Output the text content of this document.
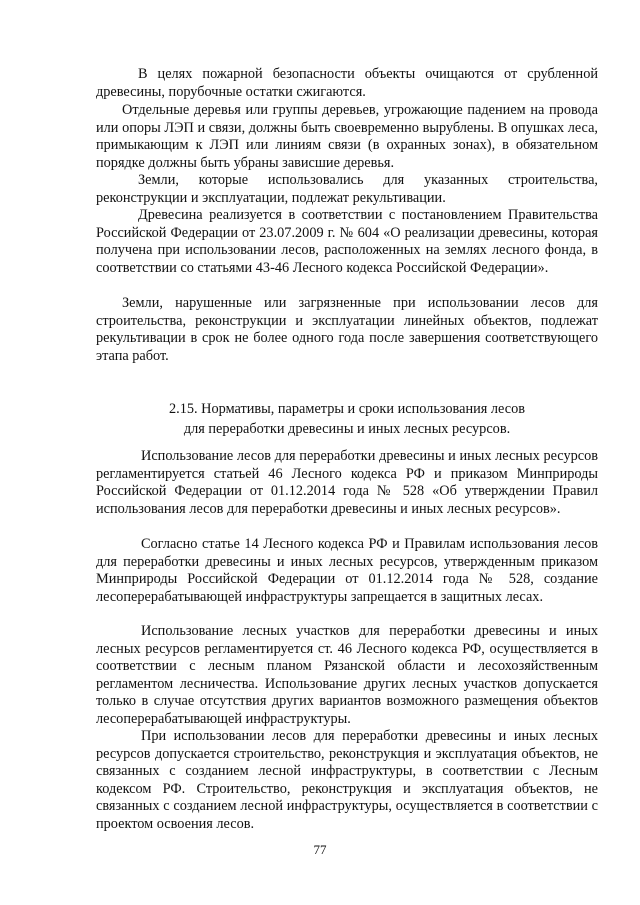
В целях пожарной безопасности объекты очищаются от срубленной древесины, порубочные остатки сжигаются.

Отдельные деревья или группы деревьев, угрожающие падением на провода или опоры ЛЭП и связи, должны быть своевременно вырублены. В опушках леса, примыкающим к ЛЭП или линиям связи (в охранных зонах), в обязательном порядке должны быть убраны зависшие деревья.

Земли, которые использовались для указанных строительства, реконструкции и эксплуатации, подлежат рекультивации.

Древесина реализуется в соответствии с постановлением Правительства Российской Федерации от 23.07.2009 г. № 604 «О реализации древесины, которая получена при использовании лесов, расположенных на землях лесного фонда, в соответствии со статьями 43-46 Лесного кодекса Российской Федерации».

Земли, нарушенные или загрязненные при использовании лесов для строительства, реконструкции и эксплуатации линейных объектов, подлежат рекультивации в срок не более одного года после завершения соответствующего этапа работ.

2.15. Нормативы, параметры и сроки использования лесов
для переработки древесины и иных лесных ресурсов.

Использование лесов для переработки древесины и иных лесных ресурсов регламентируется статьей 46 Лесного кодекса РФ и приказом Минприроды Российской Федерации от 01.12.2014 года № 528 «Об утверждении Правил использования лесов для переработки древесины и иных лесных ресурсов».

Согласно статье 14 Лесного кодекса РФ и Правилам использования лесов для переработки древесины и иных лесных ресурсов, утвержденным приказом Минприроды Российской Федерации от 01.12.2014 года № 528, создание лесоперерабатывающей инфраструктуры запрещается в защитных лесах.

Использование лесных участков для переработки древесины и иных лесных ресурсов регламентируется ст. 46 Лесного кодекса РФ, осуществляется в соответствии с лесным планом Рязанской области и лесохозяйственным регламентом лесничества. Использование других лесных участков допускается только в случае отсутствия других вариантов возможного размещения объектов лесоперерабатывающей инфраструктуры.

При использовании лесов для переработки древесины и иных лесных ресурсов допускается строительство, реконструкция и эксплуатация объектов, не связанных с созданием лесной инфраструктуры, в соответствии с Лесным кодексом РФ. Строительство, реконструкция и эксплуатация объектов, не связанных с созданием лесной инфраструктуры, осуществляется в соответствии с проектом освоения лесов.

77
